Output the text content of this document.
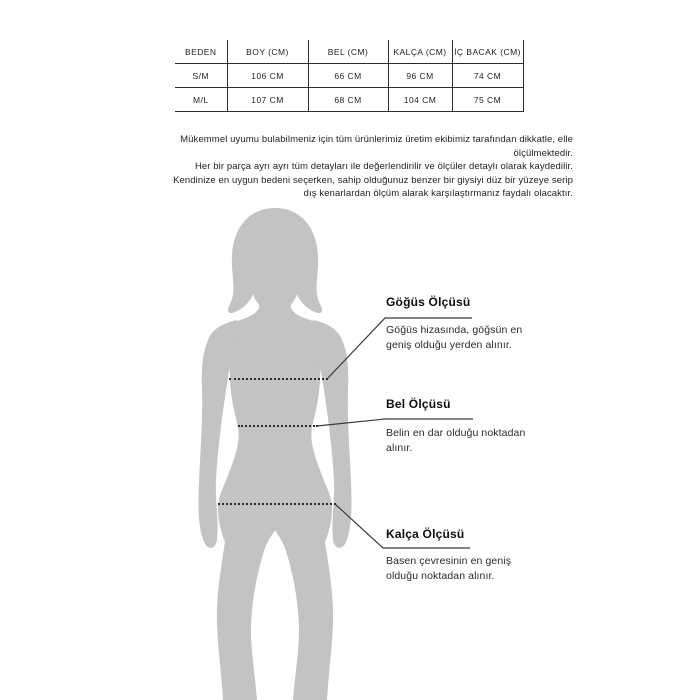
BEDEN	BOY (CM)	BEL (CM)	KALÇA (CM)	İÇ BACAK (CM)
S/M	106 CM	66 CM	96 CM	74 CM
M/L	107 CM	68 CM	104 CM	75 CM
Mükemmel uyumu bulabilmeniz için tüm ürünlerimiz üretim ekibimiz tarafından dikkatle, elle ölçülmektedir.
Her bir parça ayrı ayrı tüm detayları ile değerlendirilir ve ölçüler detaylı olarak kaydedilir.
Kendinize en uygun bedeni seçerken, sahip olduğunuz benzer bir giysiyi düz bir yüzeye serip
dış kenarlardan ölçüm alarak karşılaştırmanız faydalı olacaktır.
Göğüs Ölçüsü
Göğüs hizasında, göğsün en
geniş olduğu yerden alınır.
Bel Ölçüsü
Belin en dar olduğu noktadan
alınır.
Kalça Ölçüsü
Basen çevresinin en geniş
olduğu noktadan alınır.
